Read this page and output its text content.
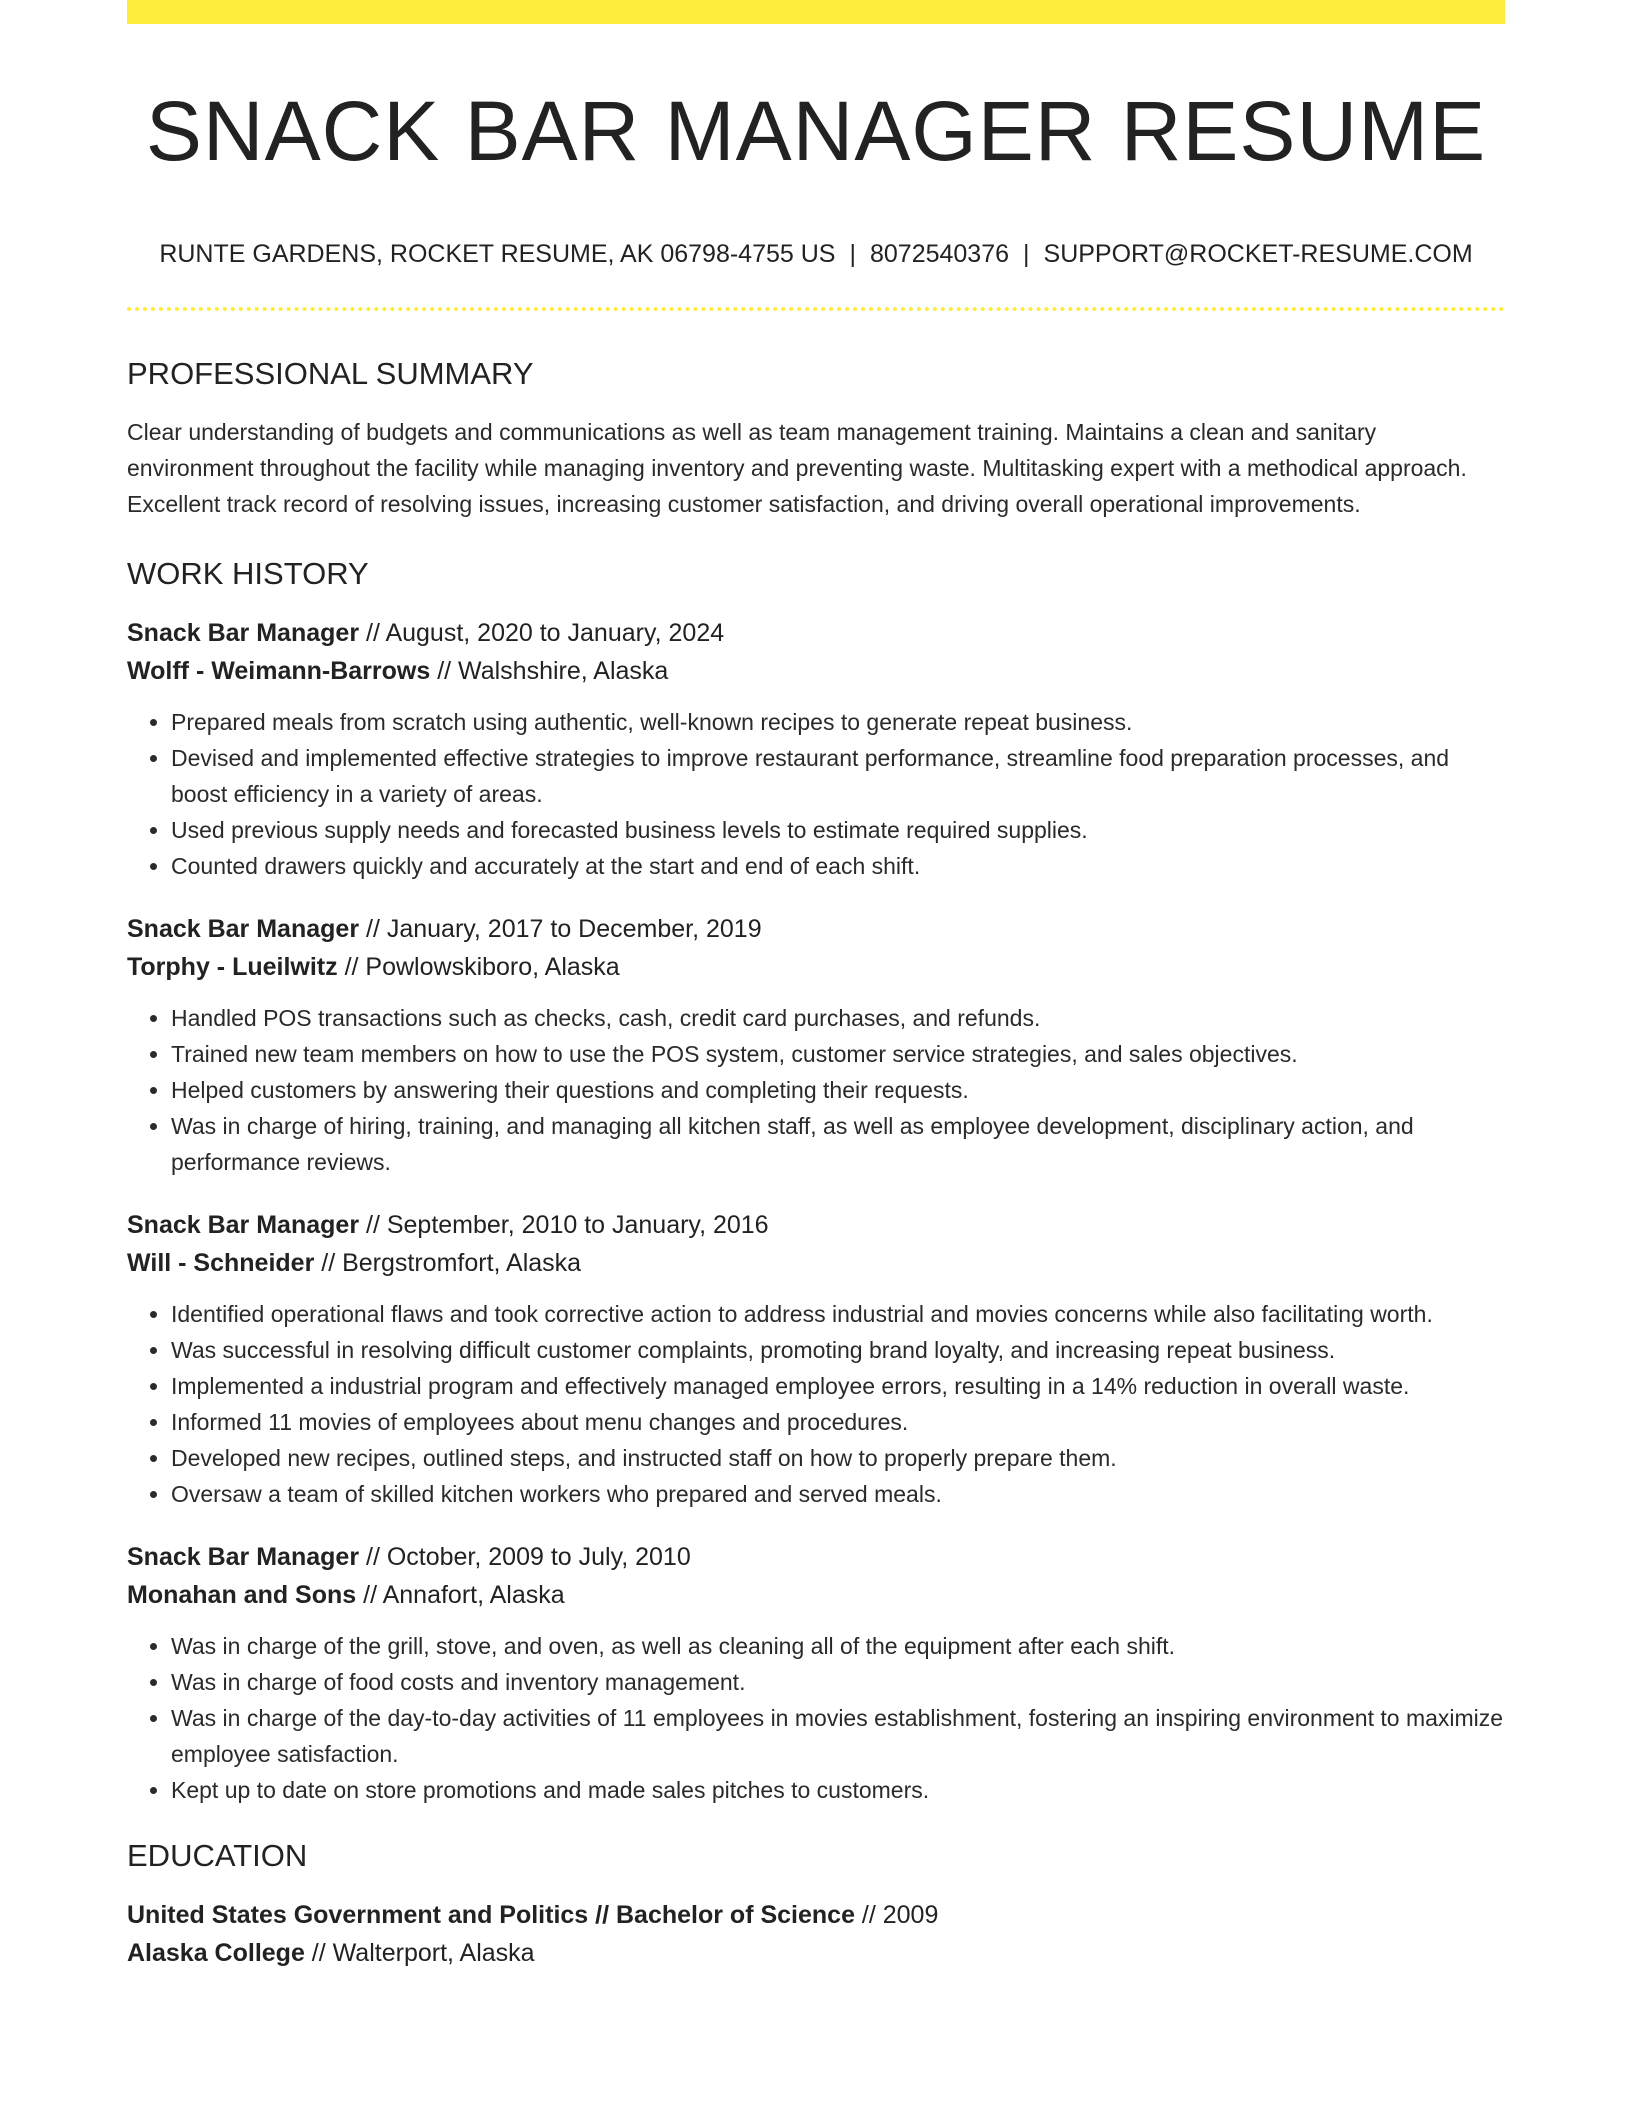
SNACK BAR MANAGER RESUME
RUNTE GARDENS, ROCKET RESUME, AK 06798-4755 US | 8072540376 | SUPPORT@ROCKET-RESUME.COM
PROFESSIONAL SUMMARY

Clear understanding of budgets and communications as well as team management training. Maintains a clean and sanitary environment throughout the facility while managing inventory and preventing waste. Multitasking expert with a methodical approach. Excellent track record of resolving issues, increasing customer satisfaction, and driving overall operational improvements.

WORK HISTORY

Snack Bar Manager // August, 2020 to January, 2024

Wolff - Weimann-Barrows // Walshshire, Alaska

• Prepared meals from scratch using authentic, well-known recipes to generate repeat business.
• Devised and implemented effective strategies to improve restaurant performance, streamline food preparation processes, and boost efficiency in a variety of areas.
• Used previous supply needs and forecasted business levels to estimate required supplies.
• Counted drawers quickly and accurately at the start and end of each shift.

Snack Bar Manager // January, 2017 to December, 2019

Torphy - Lueilwitz // Powlowskiboro, Alaska

• Handled POS transactions such as checks, cash, credit card purchases, and refunds.
• Trained new team members on how to use the POS system, customer service strategies, and sales objectives.
• Helped customers by answering their questions and completing their requests.
• Was in charge of hiring, training, and managing all kitchen staff, as well as employee development, disciplinary action, and performance reviews.

Snack Bar Manager // September, 2010 to January, 2016

Will - Schneider // Bergstromfort, Alaska

• Identified operational flaws and took corrective action to address industrial and movies concerns while also facilitating worth.
• Was successful in resolving difficult customer complaints, promoting brand loyalty, and increasing repeat business.
• Implemented a industrial program and effectively managed employee errors, resulting in a 14% reduction in overall waste.
• Informed 11 movies of employees about menu changes and procedures.
• Developed new recipes, outlined steps, and instructed staff on how to properly prepare them.
• Oversaw a team of skilled kitchen workers who prepared and served meals.

Snack Bar Manager // October, 2009 to July, 2010

Monahan and Sons // Annafort, Alaska

• Was in charge of the grill, stove, and oven, as well as cleaning all of the equipment after each shift.
• Was in charge of food costs and inventory management.
• Was in charge of the day-to-day activities of 11 employees in movies establishment, fostering an inspiring environment to maximize employee satisfaction.
• Kept up to date on store promotions and made sales pitches to customers.
EDUCATION

United States Government and Politics // Bachelor of Science // 2009

Alaska College // Walterport, Alaska
